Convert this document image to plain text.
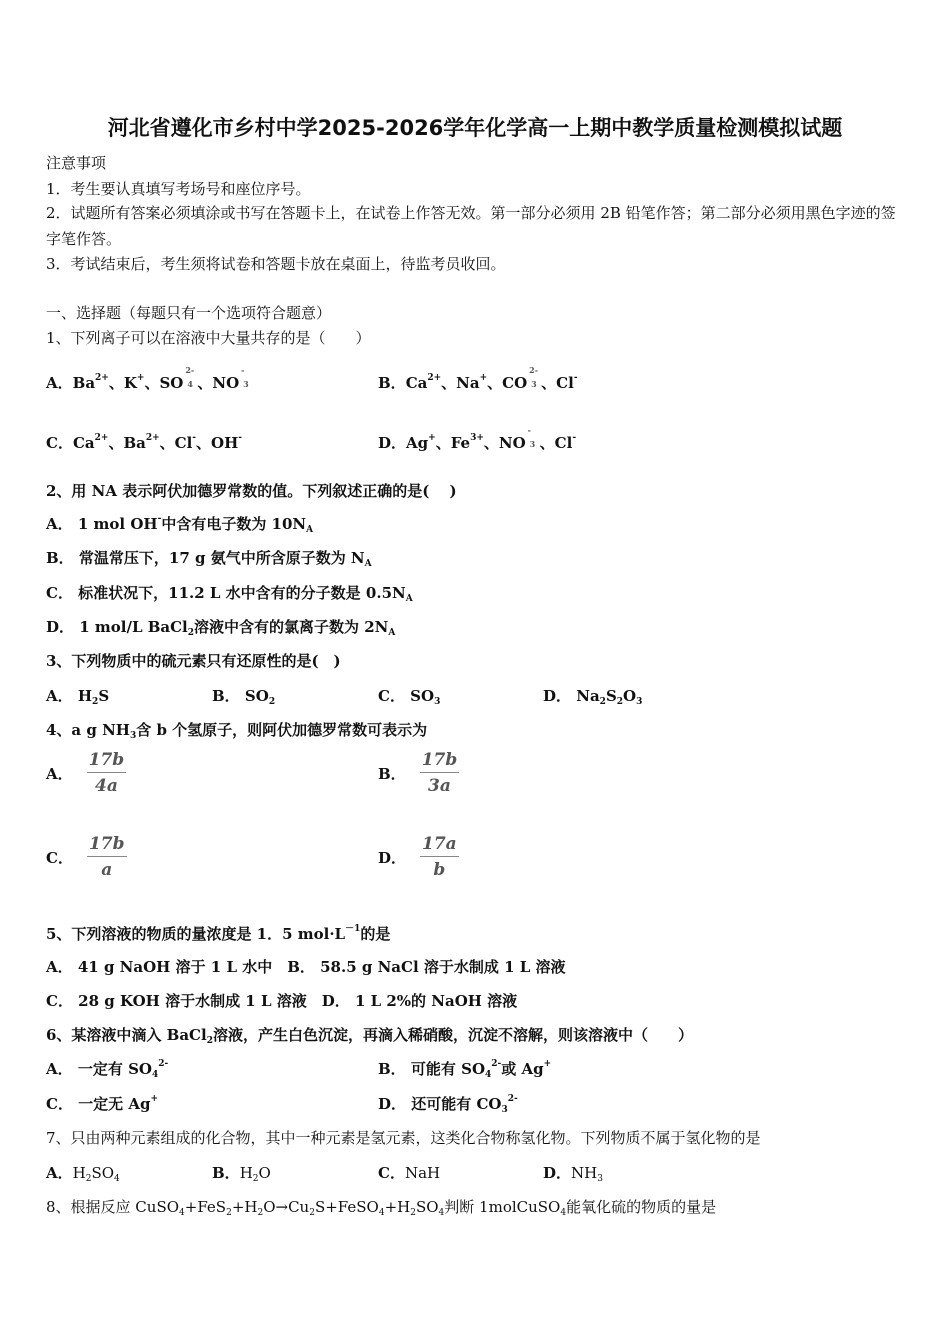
河北省遵化市乡村中学2025-2026学年化学高一上期中教学质量检测模拟试题
注意事项
1．考生要认真填写考场号和座位序号。
2．试题所有答案必须填涂或书写在答题卡上，在试卷上作答无效。第一部分必须用 2B 铅笔作答；第二部分必须用黑色字迹的签字笔作答。
3．考试结束后，考生须将试卷和答题卡放在桌面上，待监考员收回。
一、选择题（每题只有一个选项符合题意）
1、下列离子可以在溶液中大量共存的是（　　）
A．$Ba^{2+}$、K+、SO
2-
4 、NO
-
3	B．$Ca^{2+}$、Na+、CO
2-
3 、Cl-
C．$Ca^{2+}$、$Ba^{2+}$、Cl-、OH-	D．Ag+、$Fe^{3+}$、NO
-
3 、Cl-
2、用 NA 表示阿伏加德罗常数的值。下列叙述正确的是(　 )
A． 1 mol OH-中含有电子数为 $10N_A$
B． 常温常压下，17 g 氨气中所含原子数为 $N_A$
C． 标准状况下，11.2 L 水中含有的分子数是 $0.5N_A$
D． 1 mol/L BaCl$_2$溶液中含有的氯离子数为 $2N_A$
3、下列物质中的硫元素只有还原性的是(　)
A． $H_2S$	B． $SO_2$	C． $SO_3$	D． $Na_2S_2O_3$
4、a g $NH_3$含 b 个氢原子，则阿伏加德罗常数可表示为
A． $\frac{17b}{4a}$	B． $\frac{17b}{3a}$
C． $\frac{17b}{a}$	D． $\frac{17a}{b}$
5、下列溶液的物质的量浓度是 1．5 $mol\cdot L^{-1}$的是
A． 41 g NaOH 溶于 1 L 水中　B． 58.5 g NaCl 溶于水制成 1 L 溶液
C． 28 g KOH 溶于水制成 1 L 溶液　D． 1 L 2%的 NaOH 溶液
6、某溶液中滴入 BaCl$_2$溶液，产生白色沉淀，再滴入稀硝酸，沉淀不溶解，则该溶液中（　　）
A． 一定有 $SO_4^{2-}$	B． 可能有 $SO_4^{2-}$或 Ag+
C． 一定无 Ag+	D． 还可能有 $CO_3^{2-}$
7、只由两种元素组成的化合物，其中一种元素是氢元素，这类化合物称氢化物。下列物质不属于氢化物的是
A．$H_2SO_4$	B．$H_2O$	C．NaH	D．$NH_3$
8、根据反应 $CuSO_4+FeS_2+H_2O\to Cu_2S+FeSO_4+H_2SO_4$判断 1molCuSO$_4$能氧化硫的物质的量是
